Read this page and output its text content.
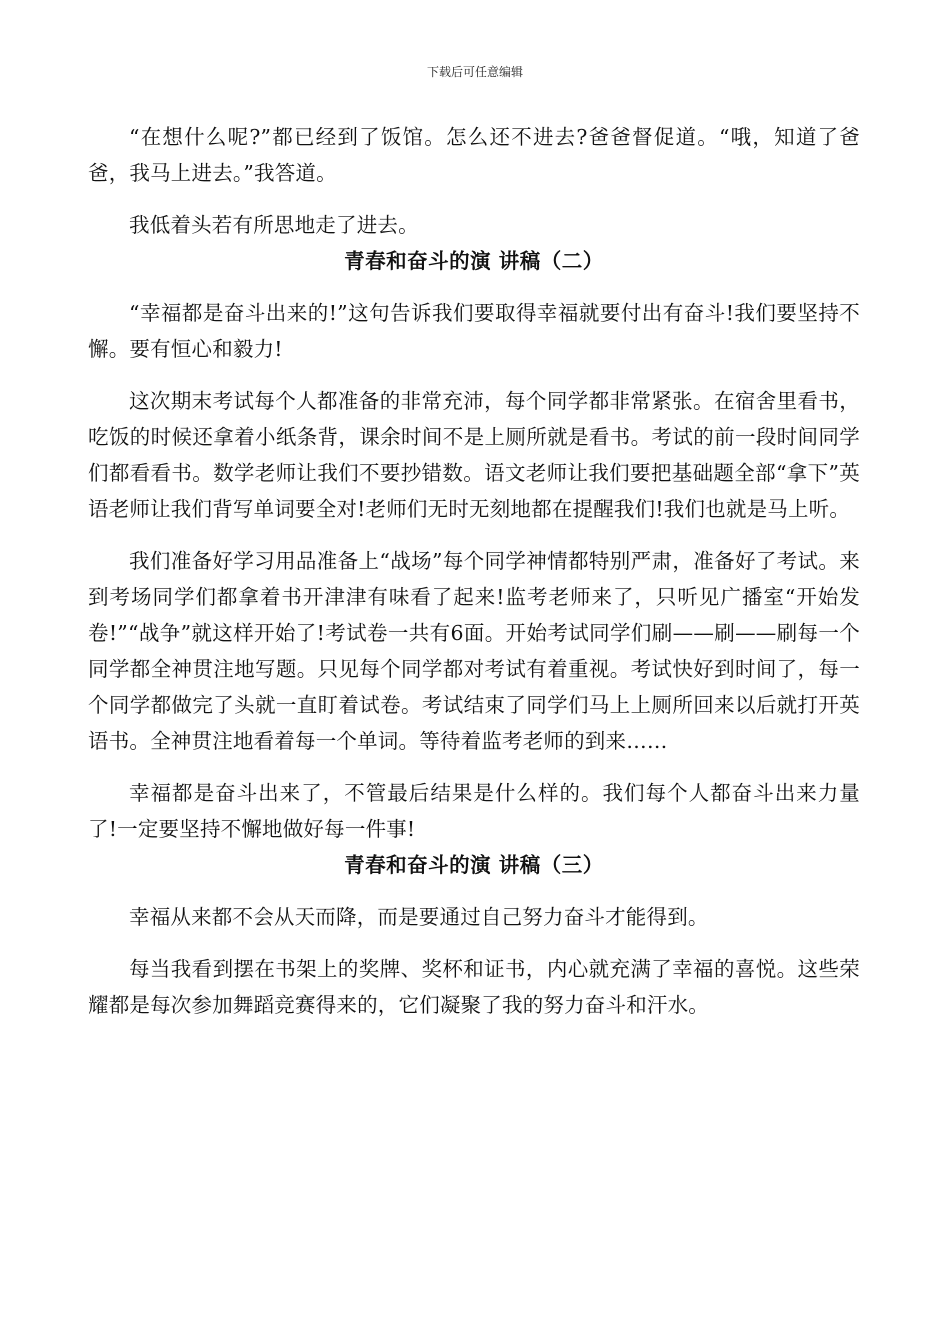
下载后可任意编辑

“在想什么呢?”都已经到了饭馆。怎么还不进去?爸爸督促道。“哦，知道了爸爸，我马上进去。”我答道。

我低着头若有所思地走了进去。

青春和奋斗的演 讲稿（二）

“幸福都是奋斗出来的!”这句告诉我们要取得幸福就要付出有奋斗!我们要坚持不懈。要有恒心和毅力!

这次期末考试每个人都准备的非常充沛，每个同学都非常紧张。在宿舍里看书，吃饭的时候还拿着小纸条背，课余时间不是上厕所就是看书。考试的前一段时间同学们都看看书。数学老师让我们不要抄错数。语文老师让我们要把基础题全部“拿下”英语老师让我们背写单词要全对!老师们无时无刻地都在提醒我们!我们也就是马上听。

我们准备好学习用品准备上“战场”每个同学神情都特别严肃，准备好了考试。来到考场同学们都拿着书开津津有味看了起来!监考老师来了，只听见广播室“开始发卷!”“战争”就这样开始了!考试卷一共有6面。开始考试同学们刷——刷——刷每一个同学都全神贯注地写题。只见每个同学都对考试有着重视。考试快好到时间了，每一个同学都做完了头就一直盯着试卷。考试结束了同学们马上上厕所回来以后就打开英语书。全神贯注地看着每一个单词。等待着监考老师的到来……

幸福都是奋斗出来了，不管最后结果是什么样的。我们每个人都奋斗出来力量了!一定要坚持不懈地做好每一件事!

青春和奋斗的演 讲稿（三）

幸福从来都不会从天而降，而是要通过自己努力奋斗才能得到。

每当我看到摆在书架上的奖牌、奖杯和证书，内心就充满了幸福的喜悦。这些荣耀都是每次参加舞蹈竞赛得来的，它们凝聚了我的努力奋斗和汗水。
